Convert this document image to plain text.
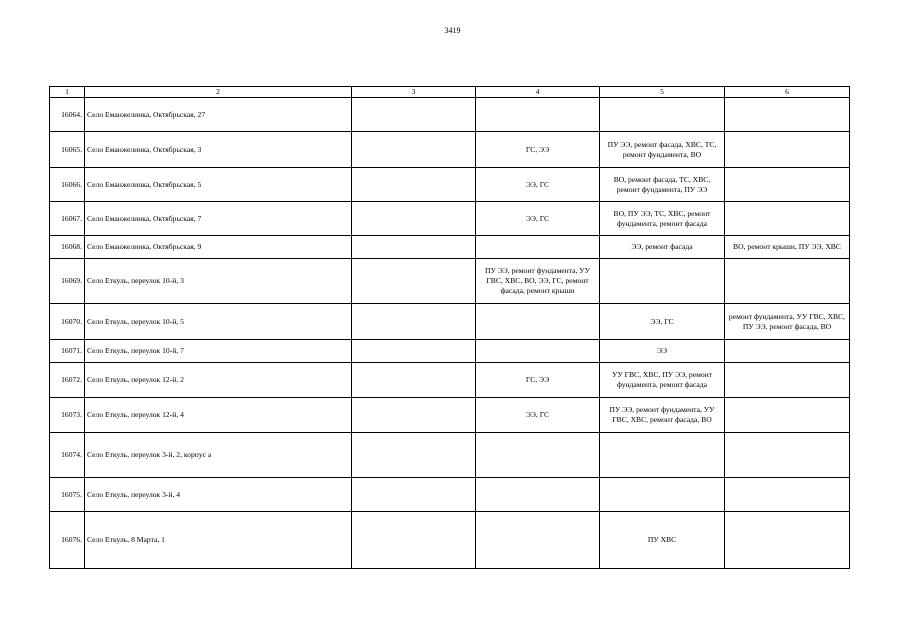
3419
1	2	3	4	5	6
16064.	Село Еманжелинка, Октябрьская, 27				
16065.	Село Еманжелинка, Октябрьская, 3		ГС, ЭЭ	ПУ ЭЭ, ремонт фасада, ХВС, ТС, ремонт фундамента, ВО	
16066.	Село Еманжелинка, Октябрьская, 5		ЭЭ, ГС	ВО, ремонт фасада, ТС, ХВС, ремонт фундамента, ПУ ЭЭ	
16067.	Село Еманжелинка, Октябрьская, 7		ЭЭ, ГС	ВО, ПУ ЭЭ, ТС, ХВС, ремонт фундамента, ремонт фасада	
16068.	Село Еманжелинка, Октябрьская, 9			ЭЭ, ремонт фасада	ВО, ремонт крыши, ПУ ЭЭ, ХВС
16069.	Село Еткуль, переулок 10-й, 3		ПУ ЭЭ, ремонт фундамента, УУ ГВС, ХВС, ВО, ЭЭ, ГС, ремонт фасада, ремонт крыши		
16070.	Село Еткуль, переулок 10-й, 5			ЭЭ, ГС	ремонт фундамента, УУ ГВС, ХВС, ПУ ЭЭ, ремонт фасада, ВО
16071.	Село Еткуль, переулок 10-й, 7			ЭЭ	
16072.	Село Еткуль, переулок 12-й, 2		ГС, ЭЭ	УУ ГВС, ХВС, ПУ ЭЭ, ремонт фундамента, ремонт фасада	
16073.	Село Еткуль, переулок 12-й, 4		ЭЭ, ГС	ПУ ЭЭ, ремонт фундамента, УУ ГВС, ХВС, ремонт фасада, ВО	
16074.	Село Еткуль, переулок 3-й, 2, корпус а				
16075.	Село Еткуль, переулок 3-й, 4				
16076.	Село Еткуль, 8 Марта, 1			ПУ ХВС	
